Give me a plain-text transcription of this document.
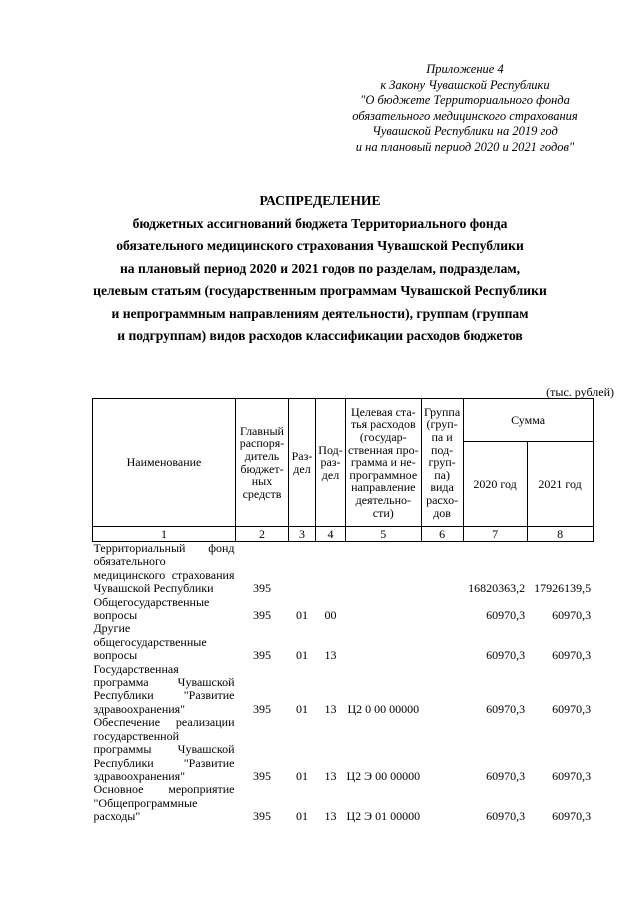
Приложение 4
к Закону Чувашской Республики
"О бюджете Территориального фонда
обязательного медицинского страхования
Чувашской Республики на 2019 год
и на плановый период 2020 и 2021 годов"
РАСПРЕДЕЛЕНИЕ
бюджетных ассигнований бюджета Территориального фонда
обязательного медицинского страхования Чувашской Республики
на плановый период 2020 и 2021 годов по разделам, подразделам,
целевым статьям (государственным программам Чувашской Республики
и непрограммным направлениям деятельности), группам (группам
и подгруппам) видов расходов классификации расходов бюджетов
(тыс. рублей)
Наименование	Главный распоря-дитель бюджет-ных средств	Раз-дел	Под-раз-дел	Целевая ста-тья расходов (государ-ственная про-грамма и не-программное направление деятельно-сти)	Группа (груп-па и под-груп-па) вида расхо-дов	Сумма	
						2020 год	2021 год
1	2	3	4	5	6	7	8
Территориальный фонд обязательного медицинского страхования Чувашской Республики	395					16820363,2	17926139,5
Общегосударственные вопросы	395	01	00			60970,3	60970,3
Другие общегосударственные вопросы	395	01	13			60970,3	60970,3
Государственная программа Чувашской Республики "Развитие здравоохранения"	395	01	13	Ц2 0 00 00000		60970,3	60970,3
Обеспечение реализации государственной программы Чувашской Республики "Развитие здравоохранения"	395	01	13	Ц2 Э 00 00000		60970,3	60970,3
Основное мероприятие "Общепрограммные расходы"	395	01	13	Ц2 Э 01 00000		60970,3	60970,3
